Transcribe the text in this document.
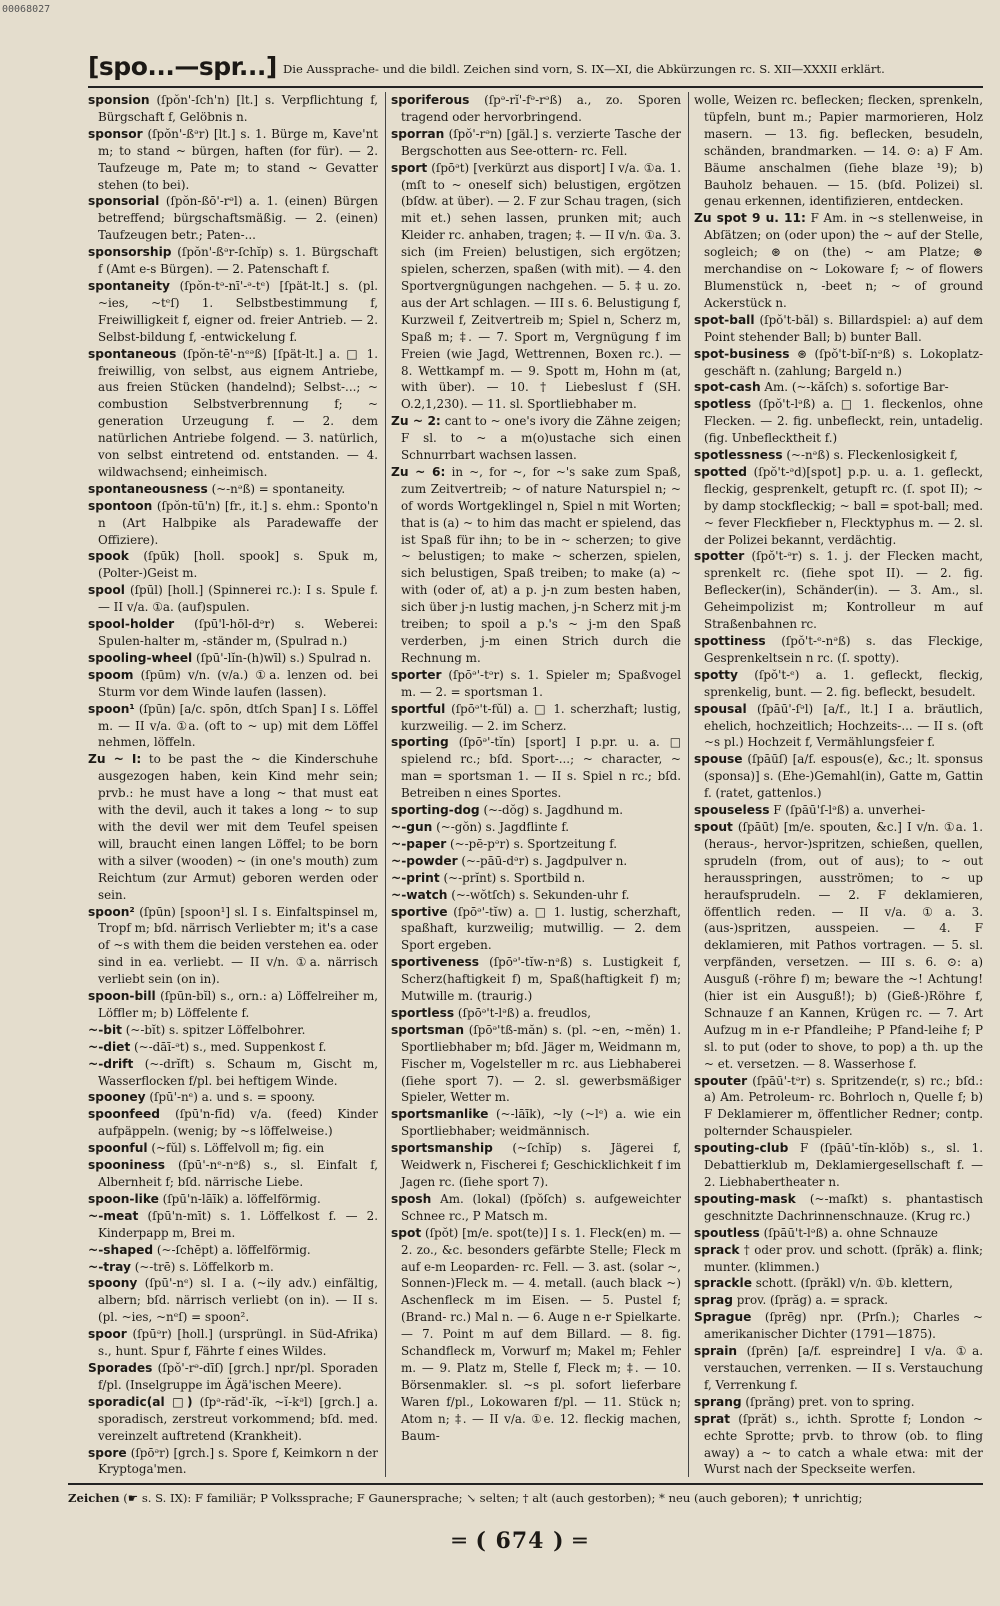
00068027
[spo...—spr...] Die Aussprache- und die bildl. Zeichen sind vorn, S. IX—XI, die Abkürzungen rc. S. XII—XXXII erklärt.

sponsion (ſpŏn'-ſch'n) [lt.] s. Verpflichtung f, Bürgschaft f, Gelöbnis n.

sponsor (ſpŏn'-ßᵊr) [lt.] s. 1. Bürge m, Kave'nt m; to stand ~ bürgen, haften (for für). — 2. Taufzeuge m, Pate m; to stand ~ Gevatter stehen (to bei).

sponsorial (ſpŏn-ßō'-rᵊl) a. 1. (einen) Bürgen betreffend; bürgschaftsmäßig. — 2. (einen) Taufzeugen betr.; Paten-...

sponsorship (ſpŏn'-ßᵊr-ſchĭp) s. 1. Bürgschaft f (Amt e-s Bürgen). — 2. Patenschaft f.

spontaneity (ſpŏn-tᵊ-nī'-ᵊ-tᵉ) [ſpät-lt.] s. (pl. ~ies, ~tᵉſ) 1. Selbstbestimmung f, Freiwilligkeit f, eigner od. freier Antrieb. — 2. Selbst-bildung f, -entwickelung f.

spontaneous (ſpŏn-tē'-nᵉᵊß) [ſpät-lt.] a. □ 1. freiwillig, von selbst, aus eignem Antriebe, aus freien Stücken (handelnd); Selbst-...; ~ combustion Selbstverbrennung f; ~ generation Urzeugung f. — 2. dem natürlichen Antriebe folgend. — 3. natürlich, von selbst eintretend od. entstanden. — 4. wildwachsend; einheimisch.

spontaneousness (~-nᵊß) = spontaneity.

spontoon (ſpŏn-tū'n) [fr., it.] s. ehm.: Sponto'n n (Art Halbpike als Paradewaffe der Offiziere).

spook (ſpūk) [holl. spook] s. Spuk m, (Polter-)Geist m.

spool (ſpūl) [holl.] (Spinnerei rc.): I s. Spule f. — II v/a. ①a. (auf)spulen.

spool-holder (ſpū'l-hōl-dᵊr) s. Weberei: Spulen-halter m, -ständer m, (Spulrad n.)

spooling-wheel (ſpū'-lĭn-(h)wīl) s.) Spulrad n.

spoom (ſpūm) v/n. (v/a.) ①a. lenzen od. bei Sturm vor dem Winde laufen (lassen).

spoon¹ (ſpūn) [a/c. spōn, dtſch Span] I s. Löffel m. — II v/a. ①a. (oft to ~ up) mit dem Löffel nehmen, löffeln.

Zu ~ I: to be past the ~ die Kinderschuhe ausgezogen haben, kein Kind mehr sein; prvb.: he must have a long ~ that must eat with the devil, auch it takes a long ~ to sup with the devil wer mit dem Teufel speisen will, braucht einen langen Löffel; to be born with a silver (wooden) ~ (in one's mouth) zum Reichtum (zur Armut) geboren werden oder sein.

spoon² (ſpūn) [spoon¹] sl. I s. Einfaltspinsel m, Tropf m; bſd. närrisch Verliebter m; it's a case of ~s with them die beiden verstehen ea. oder sind in ea. verliebt. — II v/n. ①a. närrisch verliebt sein (on in).

spoon-bill (ſpūn-bĭl) s., orn.: a) Löffelreiher m, Löffler m; b) Löffelente f.

~-bit (~-bĭt) s. spitzer Löffelbohrer.

~-diet (~-dāī-ᵊt) s., med. Suppenkost f.

~-drift (~-drĭft) s. Schaum m, Gischt m, Wasserflocken f/pl. bei heftigem Winde.

spooney (ſpū'-nᵉ) a. und s. = spoony.

spoonfeed (ſpū'n-fīd) v/a. (feed) Kinder aufpäppeln. (wenig; by ~s löffelweise.)

spoonful (~fŭl) s. Löffelvoll m; fig. ein

spooniness (ſpū'-nᵉ-nᵊß) s., sl. Einfalt f, Albernheit f; bſd. närrische Liebe.

spoon-like (ſpū'n-lāīk) a. löffelförmig.

~-meat (ſpū'n-mīt) s. 1. Löffelkost f. — 2. Kinderpapp m, Brei m.

~-shaped (~-ſchēpt) a. löffelförmig.

~-tray (~-trē) s. Löffelkorb m.

spoony (ſpū'-nᵉ) sl. I a. (~ily adv.) einfältig, albern; bſd. närrisch verliebt (on in). — II s. (pl. ~ies, ~nᵉſ) = spoon².

spoor (ſpūᵊr) [holl.] (ursprüngl. in Süd-Afrika) s., hunt. Spur f, Fährte f eines Wildes.

Sporades (ſpŏ'-rᵊ-dīſ) [grch.] npr/pl. Sporaden f/pl. (Inselgruppe im Ägä'ischen Meere).

sporadic(al □) (ſpᵊ-răd'-ĭk, ~ĭ-kᵊl) [grch.] a. sporadisch, zerstreut vorkommend; bſd. med. vereinzelt auftretend (Krankheit).

spore (ſpōᵊr) [grch.] s. Spore f, Keimkorn n der Kryptoga'men.

sporiferous (ſpᵊ-rĭ'-fᵊ-rᵊß) a., zo. Sporen tragend oder hervorbringend.

sporran (ſpŏ'-rᵊn) [gäl.] s. verzierte Tasche der Bergschotten aus See-ottern- rc. Fell.

sport (ſpōᵊt) [verkürzt aus disport] I v/a. ①a. 1. (mſt to ~ oneself sich) belustigen, ergötzen (bſdw. at über). — 2. F zur Schau tragen, (sich mit et.) sehen lassen, prunken mit; auch Kleider rc. anhaben, tragen; ‡. — II v/n. ①a. 3. sich (im Freien) belustigen, sich ergötzen; spielen, scherzen, spaßen (with mit). — 4. den Sportvergnügungen nachgehen. — 5. ‡ u. zo. aus der Art schlagen. — III s. 6. Belustigung f, Kurzweil f, Zeitvertreib m; Spiel n, Scherz m, Spaß m; ‡. — 7. Sport m, Vergnügung f im Freien (wie Jagd, Wettrennen, Boxen rc.). — 8. Wettkampf m. — 9. Spott m, Hohn m (at, with über). — 10. † Liebeslust f (SH. O.2,1,230). — 11. sl. Sportliebhaber m.

Zu ~ 2: cant to ~ one's ivory die Zähne zeigen; F sl. to ~ a m(o)ustache sich einen Schnurrbart wachsen lassen.

Zu ~ 6: in ~, for ~, for ~'s sake zum Spaß, zum Zeitvertreib; ~ of nature Naturspiel n; ~ of words Wortgeklingel n, Spiel n mit Worten; that is (a) ~ to him das macht er spielend, das ist Spaß für ihn; to be in ~ scherzen; to give ~ belustigen; to make ~ scherzen, spielen, sich belustigen, Spaß treiben; to make (a) ~ with (oder of, at) a p. j-n zum besten haben, sich über j-n lustig machen, j-n Scherz mit j-m treiben; to spoil a p.'s ~ j-m den Spaß verderben, j-m einen Strich durch die Rechnung m.

sporter (ſpōᵊ'-tᵊr) s. 1. Spieler m; Spaßvogel m. — 2. = sportsman 1.

sportful (ſpōᵊ't-fŭl) a. □ 1. scherzhaft; lustig, kurzweilig. — 2. im Scherz.

sporting (ſpōᵊ'-tĭn) [sport] I p.pr. u. a. □ spielend rc.; bſd. Sport-...; ~ character, ~ man = sportsman 1. — II s. Spiel n rc.; bſd. Betreiben n eines Sportes.

sporting-dog (~-dŏg) s. Jagdhund m.

~-gun (~-gŏn) s. Jagdflinte f.

~-paper (~-pē-pᵊr) s. Sportzeitung f.

~-powder (~-pāū-dᵊr) s. Jagdpulver n.

~-print (~-prĭnt) s. Sportbild n.

~-watch (~-wŏtſch) s. Sekunden-uhr f.

sportive (ſpōᵊ'-tĭw) a. □ 1. lustig, scherzhaft, spaßhaft, kurzweilig; mutwillig. — 2. dem Sport ergeben.

sportiveness (ſpōᵊ'-tĭw-nᵊß) s. Lustigkeit f, Scherz(haftigkeit f) m, Spaß(haftigkeit f) m; Mutwille m. (traurig.)

sportless (ſpōᵊ't-lᵊß) a. freudlos,

sportsman (ſpōᵊ'tß-măn) s. (pl. ~en, ~mĕn) 1. Sportliebhaber m; bſd. Jäger m, Weidmann m, Fischer m, Vogelsteller m rc. aus Liebhaberei (ſiehe sport 7). — 2. sl. gewerbsmäßiger Spieler, Wetter m.

sportsmanlike (~-lāīk), ~ly (~lᵉ) a. wie ein Sportliebhaber; weidmännisch.

sportsmanship (~ſchĭp) s. Jägerei f, Weidwerk n, Fischerei f; Geschicklichkeit f im Jagen rc. (ſiehe sport 7).

sposh Am. (lokal) (ſpŏſch) s. aufgeweichter Schnee rc., P Matsch m.

spot (ſpŏt) [m/e. spot(te)] I s. 1. Fleck(en) m. — 2. zo., &c. besonders gefärbte Stelle; Fleck m auf e-m Leoparden- rc. Fell. — 3. ast. (solar ~, Sonnen-)Fleck m. — 4. metall. (auch black ~) Aschenfleck m im Eisen. — 5. Pustel f; (Brand- rc.) Mal n. — 6. Auge n e-r Spielkarte. — 7. Point m auf dem Billard. — 8. fig. Schandfleck m, Vorwurf m; Makel m; Fehler m. — 9. Platz m, Stelle f, Fleck m; ‡. — 10. Börsenmakler. sl. ~s pl. sofort lieferbare Waren f/pl., Lokowaren f/pl. — 11. Stück n; Atom n; ‡. — II v/a. ①e. 12. fleckig machen, Baum-

wolle, Weizen rc. beflecken; flecken, sprenkeln, tüpfeln, bunt m.; Papier marmorieren, Holz masern. — 13. fig. beflecken, besudeln, schänden, brandmarken. — 14. ⊙: a) F Am. Bäume anschalmen (ſiehe blaze ¹9); b) Bauholz behauen. — 15. (bſd. Polizei) sl. genau erkennen, identifizieren, entdecken.

Zu spot 9 u. 11: F Am. in ~s stellenweise, in Abſätzen; on (oder upon) the ~ auf der Stelle, sogleich; ⊛ on (the) ~ am Platze; ⊛ merchandise on ~ Lokoware f; ~ of flowers Blumenstück n, -beet n; ~ of ground Ackerstück n.

spot-ball (ſpŏ't-băl) s. Billardspiel: a) auf dem Point stehender Ball; b) bunter Ball.

spot-business ⊛ (ſpŏ't-bĭſ-nᵊß) s. Lokoplatz-geschäft n. (zahlung; Bargeld n.)

spot-cash Am. (~-kăſch) s. sofortige Bar-

spotless (ſpŏ't-lᵊß) a. □ 1. fleckenlos, ohne Flecken. — 2. fig. unbefleckt, rein, untadelig. (fig. Unbeflecktheit f.)

spotlessness (~-nᵊß) s. Fleckenlosigkeit f,

spotted (ſpŏ't-ᵊd)[spot] p.p. u. a. 1. gefleckt, fleckig, gesprenkelt, getupft rc. (ſ. spot II); ~ by damp stockfleckig; ~ ball = spot-ball; med. ~ fever Fleckfieber n, Flecktyphus m. — 2. sl. der Polizei bekannt, verdächtig.

spotter (ſpŏ't-ᵊr) s. 1. j. der Flecken macht, sprenkelt rc. (ſiehe spot II). — 2. fig. Beflecker(in), Schänder(in). — 3. Am., sl. Geheimpolizist m; Kontrolleur m auf Straßenbahnen rc.

spottiness (ſpŏ't-ᵉ-nᵊß) s. das Fleckige, Gesprenkeltsein n rc. (ſ. spotty).

spotty (ſpŏ't-ᵉ) a. 1. gefleckt, fleckig, sprenkelig, bunt. — 2. fig. befleckt, besudelt.

spousal (ſpāū'-ſᵊl) [a/f., lt.] I a. bräutlich, ehelich, hochzeitlich; Hochzeits-... — II s. (oft ~s pl.) Hochzeit f, Vermählungsfeier f.

spouse (ſpāūſ) [a/f. espous(e), &c.; lt. sponsus (sponsa)] s. (Ehe-)Gemahl(in), Gatte m, Gattin f. (ratet, gattenlos.)

spouseless F (ſpāū'ſ-lᵊß) a. unverhei-

spout (ſpāūt) [m/e. spouten, &c.] I v/n. ①a. 1. (heraus-, hervor-)spritzen, schießen, quellen, sprudeln (from, out of aus); to ~ out herausspringen, ausströmen; to ~ up heraufsprudeln. — 2. F deklamieren, öffentlich reden. — II v/a. ①a. 3. (aus-)spritzen, ausspeien. — 4. F deklamieren, mit Pathos vortragen. — 5. sl. verpfänden, versetzen. — III s. 6. ⊙: a) Ausguß (-röhre f) m; beware the ~! Achtung! (hier ist ein Ausguß!); b) (Gieß-)Röhre f, Schnauze f an Kannen, Krügen rc. — 7. Art Aufzug m in e-r Pfandleihe; P Pfand-leihe f; P sl. to put (oder to shove, to pop) a th. up the ~ et. versetzen. — 8. Wasserhose f.

spouter (ſpāū'-tᵊr) s. Spritzende(r, s) rc.; bſd.: a) Am. Petroleum- rc. Bohrloch n, Quelle f; b) F Deklamierer m, öffentlicher Redner; contp. polternder Schauspieler.

spouting-club F (ſpāū'-tĭn-klŏb) s., sl. 1. Debattierklub m, Deklamiergesellschaft f. — 2. Liebhabertheater n.

spouting-mask (~-maſkt) s. phantastisch geschnitzte Dachrinnenschnauze. (Krug rc.)

spoutless (ſpāū't-lᵊß) a. ohne Schnauze

sprack † oder prov. und schott. (ſprăk) a. flink; munter. (klimmen.)

sprackle schott. (ſprăkl) v/n. ①b. klettern,

sprag prov. (ſprăg) a. = sprack.

Sprague (ſprēg) npr. (Prſn.); Charles ~ amerikanischer Dichter (1791—1875).

sprain (ſprēn) [a/f. espreindre] I v/a. ①a. verstauchen, verrenken. — II s. Verstauchung f, Verrenkung f.

sprang (ſprăng) pret. von to spring.

sprat (ſprăt) s., ichth. Sprotte f; London ~ echte Sprotte; prvb. to throw (ob. to fling away) a ~ to catch a whale etwa: mit der Wurst nach der Speckseite werfen.

Zeichen (☛ s. S. IX): F familiär; P Volkssprache; F Gaunersprache; ↘ selten; † alt (auch gestorben); * neu (auch geboren); ✝ unrichtig;
═ ( 674 ) ═
